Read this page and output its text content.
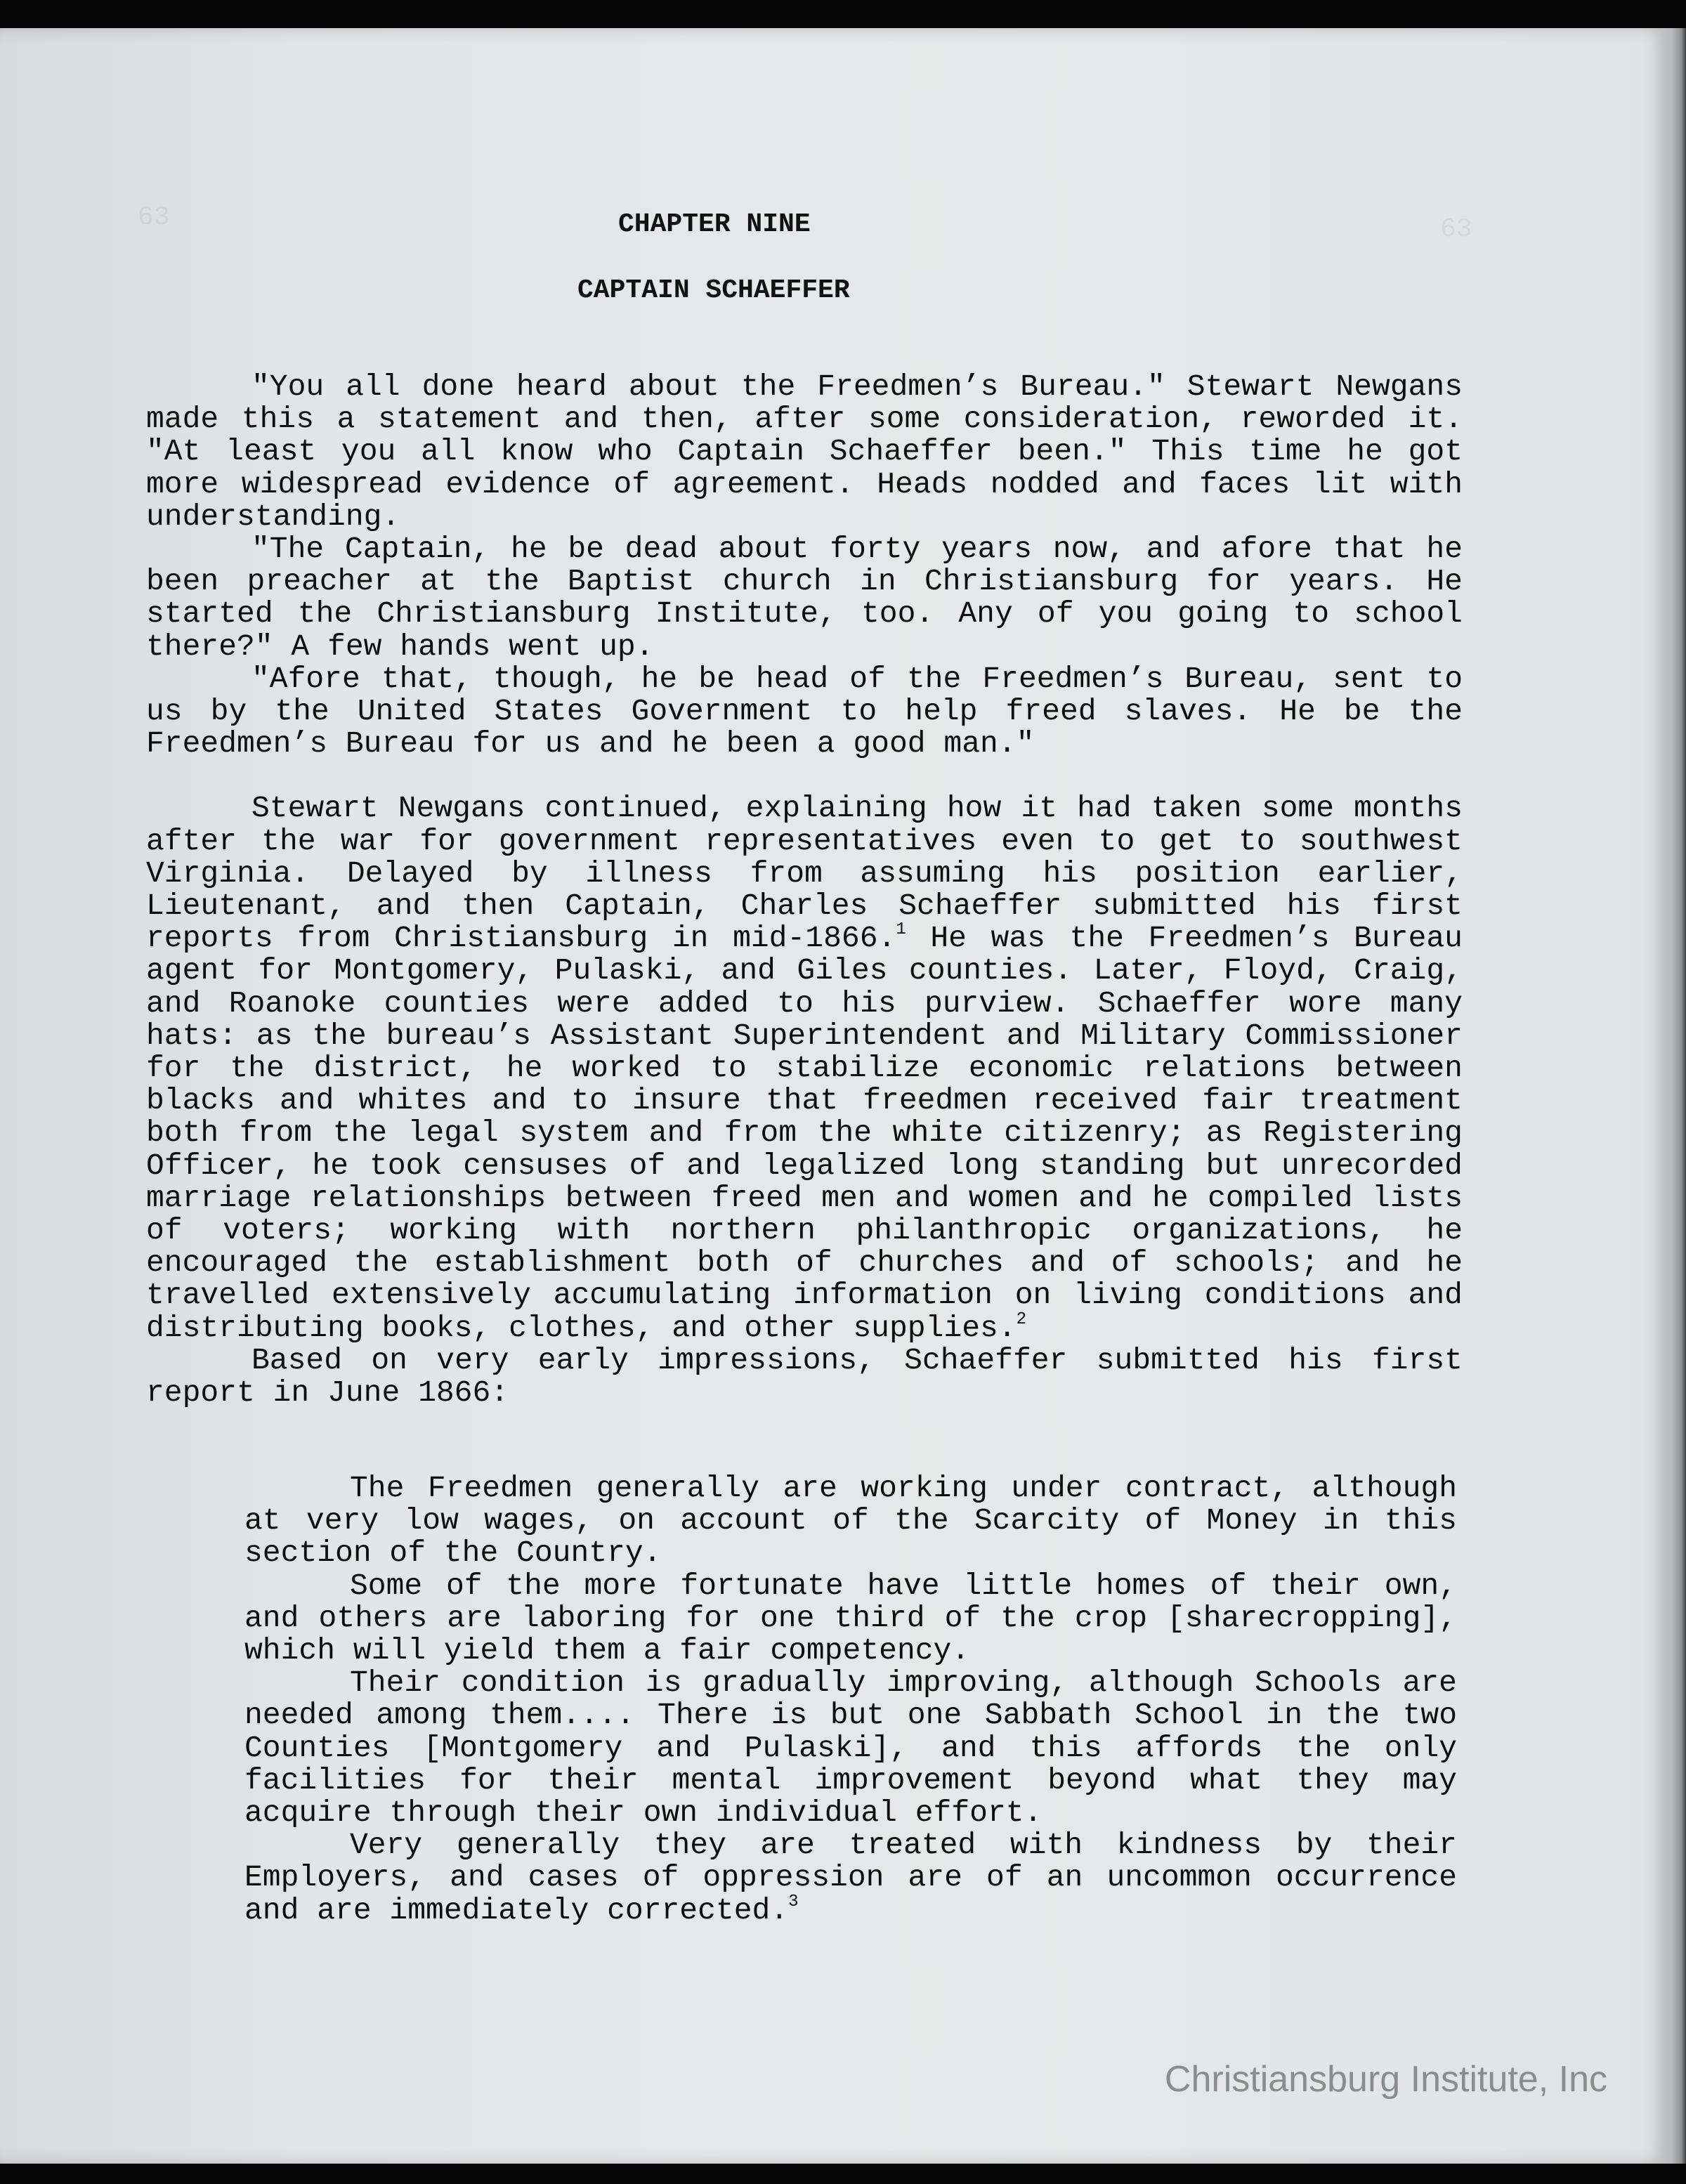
63	63
CHAPTER NINE
CAPTAIN SCHAEFFER

"You all done heard about the Freedmen’s Bureau." Stewart Newgans made this a statement and then, after some consideration, reworded it. "At least you all know who Captain Schaeffer been." This time he got more widespread evidence of agreement. Heads nodded and faces lit with understanding.

"The Captain, he be dead about forty years now, and afore that he been preacher at the Baptist church in Christiansburg for years. He started the Christiansburg Institute, too. Any of you going to school there?" A few hands went up.

"Afore that, though, he be head of the Freedmen’s Bureau, sent to us by the United States Government to help freed slaves. He be the Freedmen’s Bureau for us and he been a good man."

Stewart Newgans continued, explaining how it had taken some months after the war for government representatives even to get to southwest Virginia. Delayed by illness from assuming his position earlier, Lieutenant, and then Captain, Charles Schaeffer submitted his first reports from Christiansburg in mid-1866.$^1$ He was the Freedmen’s Bureau agent for Montgomery, Pulaski, and Giles counties. Later, Floyd, Craig, and Roanoke counties were added to his purview. Schaeffer wore many hats: as the bureau’s Assistant Superintendent and Military Commissioner for the district, he worked to stabilize economic relations between blacks and whites and to insure that freedmen received fair treatment both from the legal system and from the white citizenry; as Registering Officer, he took censuses of and legalized long standing but unrecorded marriage relationships between freed men and women and he compiled lists of voters; working with northern philanthropic organizations, he encouraged the establishment both of churches and of schools; and he travelled extensively accumulating information on living conditions and distributing books, clothes, and other supplies.$^2$

Based on very early impressions, Schaeffer submitted his first report in June 1866:

The Freedmen generally are working under contract, although at very low wages, on account of the Scarcity of Money in this section of the Country.

Some of the more fortunate have little homes of their own, and others are laboring for one third of the crop [sharecropping], which will yield them a fair competency.

Their condition is gradually improving, although Schools are needed among them.... There is but one Sabbath School in the two Counties [Montgomery and Pulaski], and this affords the only facilities for their mental improvement beyond what they may acquire through their own individual effort.

Very generally they are treated with kindness by their Employers, and cases of oppression are of an uncommon occurrence and are immediately corrected.$^3$

Christiansburg Institute, Inc
